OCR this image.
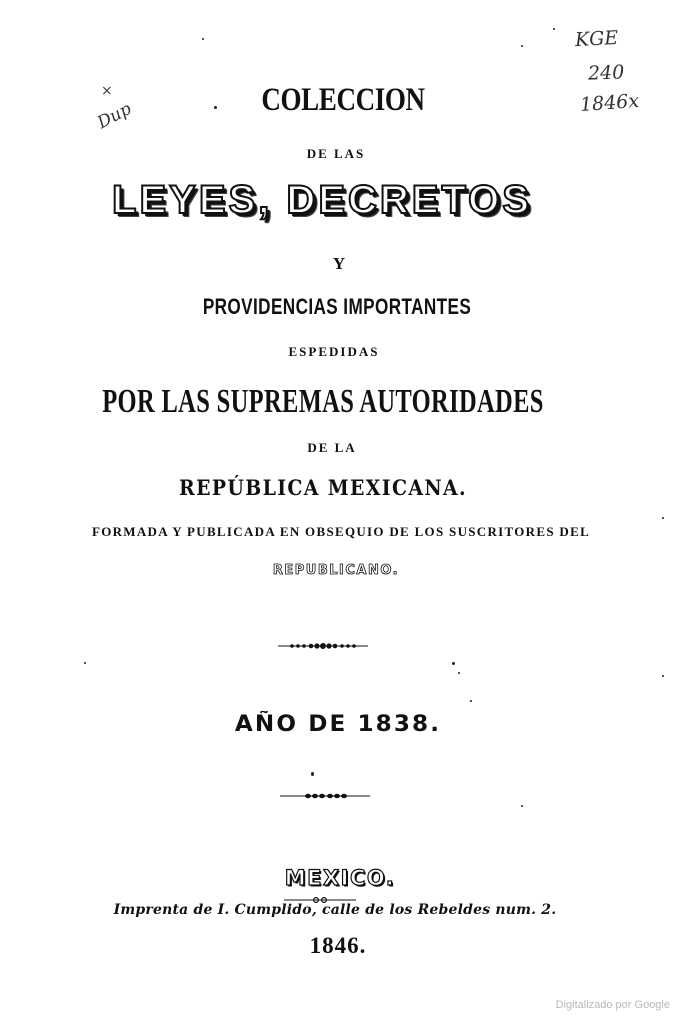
KGE
240
1846x
×
Dup	COLECCION
DE LAS
LEYES, DECRETOS
Y
PROVIDENCIAS IMPORTANTES
ESPEDIDAS
POR LAS SUPREMAS AUTORIDADES
DE LA
REPÚBLICA MEXICANA.
FORMADA Y PUBLICADA EN OBSEQUIO DE LOS SUSCRITORES DEL
REPUBLICANO.
AÑO DE 1838.
MEXICO.
Imprenta de I. Cumplido, calle de los Rebeldes num. 2.
1846.
Digitalizado por Google
